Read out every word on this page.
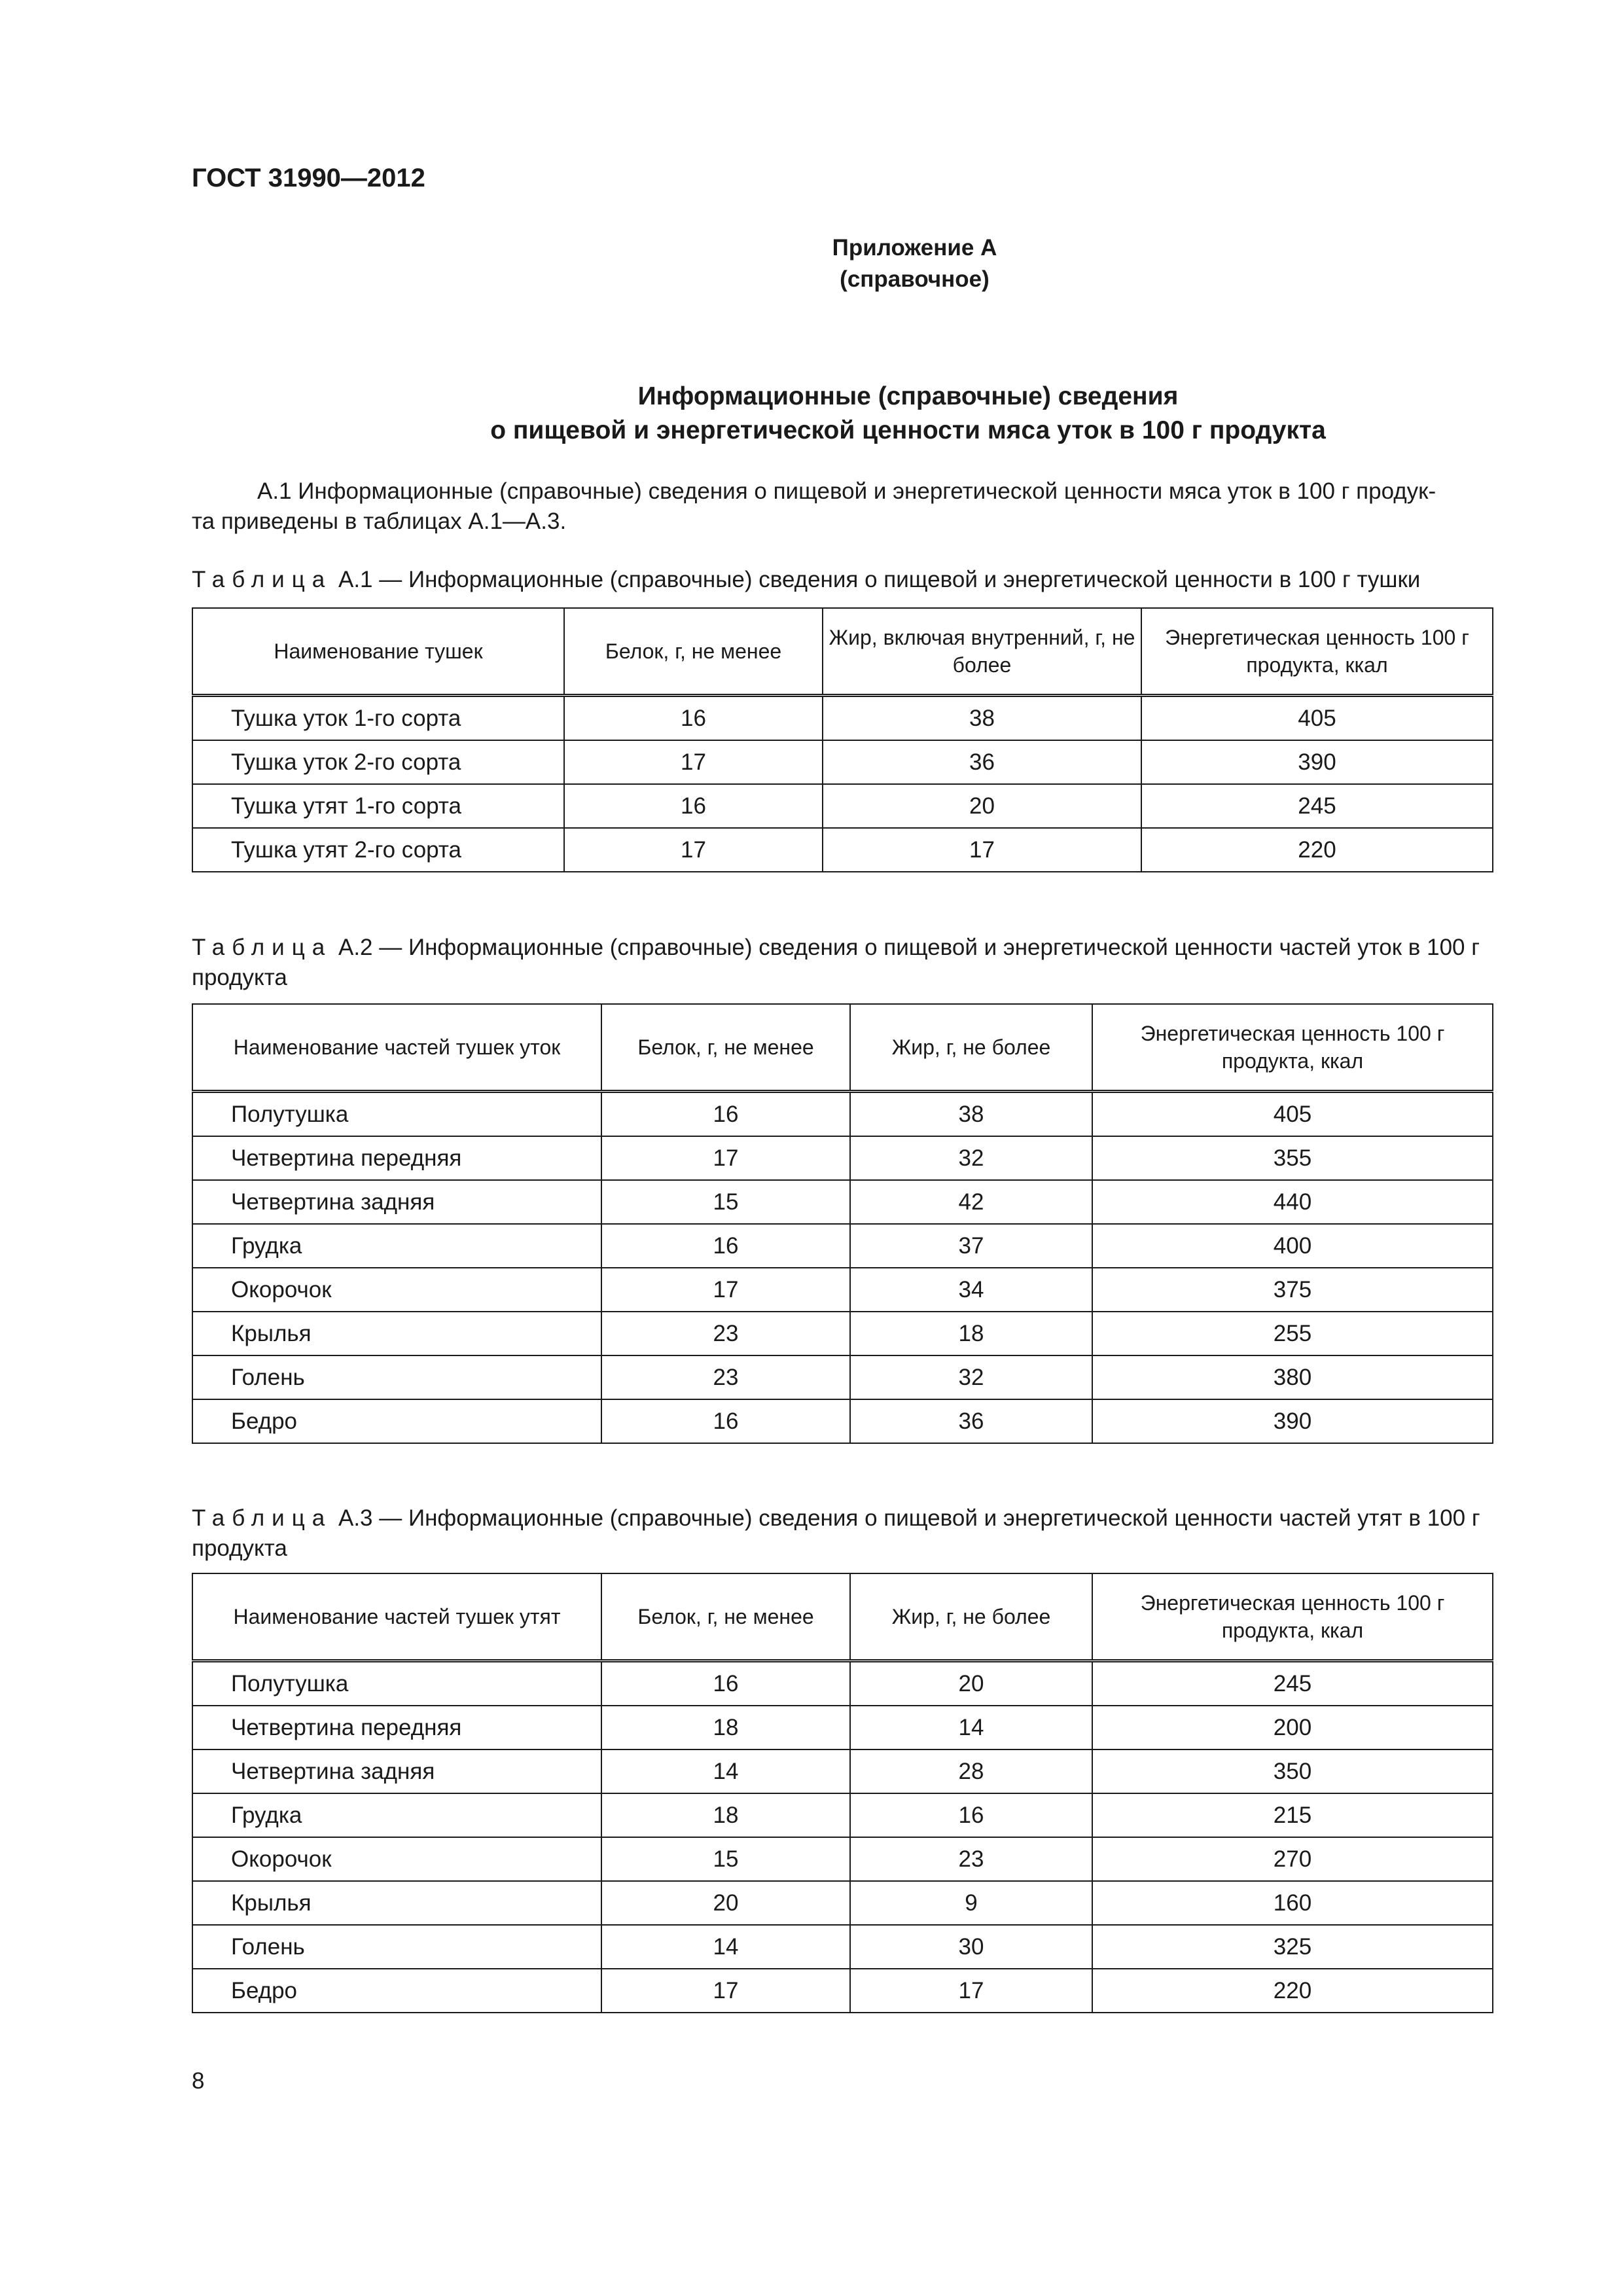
ГОСТ 31990—2012
Приложение А
(справочное)
Информационные (справочные) сведения
о пищевой и энергетической ценности мяса уток в 100 г продукта
А.1 Информационные (справочные) сведения о пищевой и энергетической ценности мяса уток в 100 г продук-
та приведены в таблицах А.1—А.3.
Таблица А.1 — Информационные (справочные) сведения о пищевой и энергетической ценности в 100 г тушки
Наименование тушек	Белок, г, не менее	Жир, включая внутренний, г, не более	Энергетическая ценность 100 г продукта, ккал
Тушка уток 1-го сорта	16	38	405
Тушка уток 2-го сорта	17	36	390
Тушка утят 1-го сорта	16	20	245
Тушка утят 2-го сорта	17	17	220
Таблица А.2 — Информационные (справочные) сведения о пищевой и энергетической ценности частей уток в 100 г продукта
Наименование частей тушек уток	Белок, г, не менее	Жир, г, не более	Энергетическая ценность 100 г продукта, ккал
Полутушка	16	38	405
Четвертина передняя	17	32	355
Четвертина задняя	15	42	440
Грудка	16	37	400
Окорочок	17	34	375
Крылья	23	18	255
Голень	23	32	380
Бедро	16	36	390
Таблица А.3 — Информационные (справочные) сведения о пищевой и энергетической ценности частей утят в 100 г продукта
Наименование частей тушек утят	Белок, г, не менее	Жир, г, не более	Энергетическая ценность 100 г продукта, ккал
Полутушка	16	20	245
Четвертина передняя	18	14	200
Четвертина задняя	14	28	350
Грудка	18	16	215
Окорочок	15	23	270
Крылья	20	9	160
Голень	14	30	325
Бедро	17	17	220
8
